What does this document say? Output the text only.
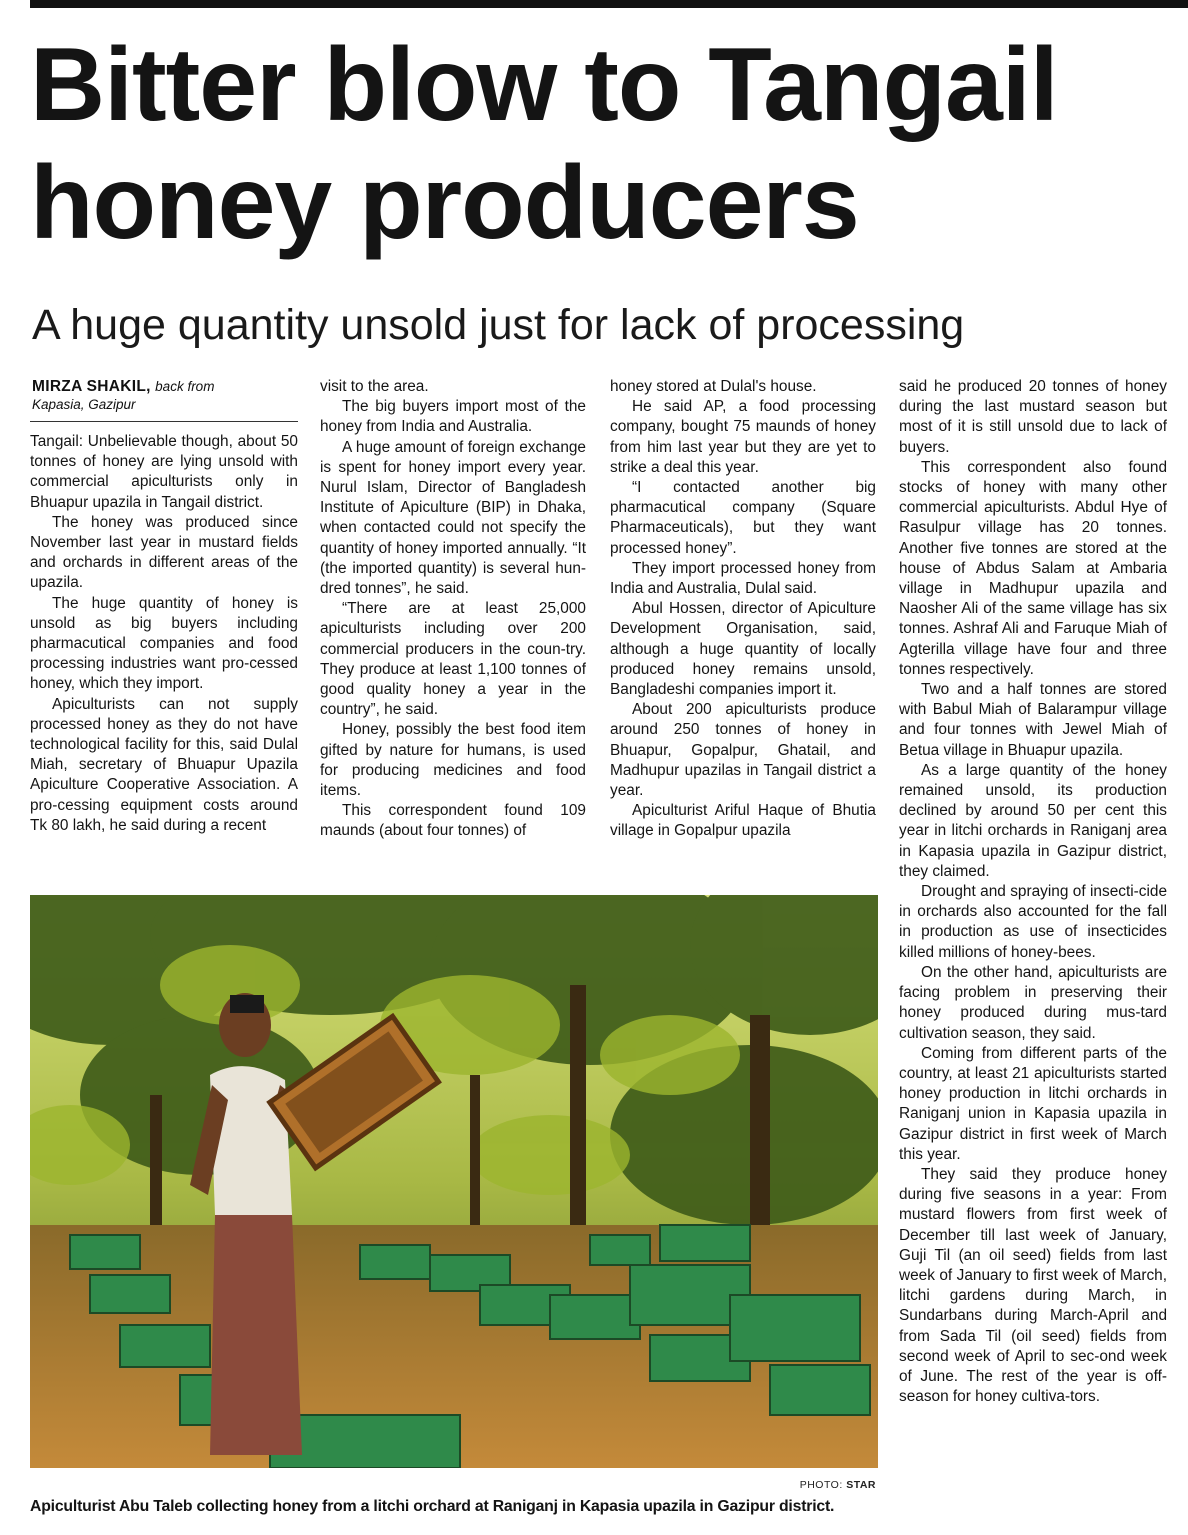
Bitter blow to Tangail honey producers
A huge quantity unsold just for lack of processing
MIRZA SHAKIL, back from
Kapasia, Gazipur

Tangail: Unbelievable though, about 50 tonnes of honey are lying unsold with commercial apiculturists only in Bhuapur upazila in Tangail district.

The honey was produced since November last year in mustard fields and orchards in different areas of the upazila.

The huge quantity of honey is unsold as big buyers including pharmacutical companies and food processing industries want pro-cessed honey, which they import.

Apiculturists can not supply processed honey as they do not have technological facility for this, said Dulal Miah, secretary of Bhuapur Upazila Apiculture Cooperative Association. A pro-cessing equipment costs around Tk 80 lakh, he said during a recent

visit to the area.

The big buyers import most of the honey from India and Australia.

A huge amount of foreign exchange is spent for honey import every year. Nurul Islam, Director of Bangladesh Institute of Apiculture (BIP) in Dhaka, when contacted could not specify the quantity of honey imported annually. “It (the imported quantity) is several hun-dred tonnes”, he said.

“There are at least 25,000 apiculturists including over 200 commercial producers in the coun-try. They produce at least 1,100 tonnes of good quality honey a year in the country”, he said.

Honey, possibly the best food item gifted by nature for humans, is used for producing medicines and food items.

This correspondent found 109 maunds (about four tonnes) of

honey stored at Dulal's house.

He said AP, a food processing company, bought 75 maunds of honey from him last year but they are yet to strike a deal this year.

“I contacted another big pharmacutical company (Square Pharmaceuticals), but they want processed honey”.

They import processed honey from India and Australia, Dulal said.

Abul Hossen, director of Apiculture Development Organisation, said, although a huge quantity of locally produced honey remains unsold, Bangladeshi companies import it.

About 200 apiculturists produce around 250 tonnes of honey in Bhuapur, Gopalpur, Ghatail, and Madhupur upazilas in Tangail district a year.

Apiculturist Ariful Haque of Bhutia village in Gopalpur upazila

said he produced 20 tonnes of honey during the last mustard season but most of it is still unsold due to lack of buyers.

This correspondent also found stocks of honey with many other commercial apiculturists. Abdul Hye of Rasulpur village has 20 tonnes. Another five tonnes are stored at the house of Abdus Salam at Ambaria village in Madhupur upazila and Naosher Ali of the same village has six tonnes. Ashraf Ali and Faruque Miah of Agterilla village have four and three tonnes respectively.

Two and a half tonnes are stored with Babul Miah of Balarampur village and four tonnes with Jewel Miah of Betua village in Bhuapur upazila.

As a large quantity of the honey remained unsold, its production declined by around 50 per cent this year in litchi orchards in Raniganj area in Kapasia upazila in Gazipur district, they claimed.

Drought and spraying of insecti-cide in orchards also accounted for the fall in production as use of insecticides killed millions of honey-bees.

On the other hand, apiculturists are facing problem in preserving their honey produced during mus-tard cultivation season, they said.

Coming from different parts of the country, at least 21 apiculturists started honey production in litchi orchards in Raniganj union in Kapasia upazila in Gazipur district in first week of March this year.

They said they produce honey during five seasons in a year: From mustard flowers from first week of December till last week of January, Guji Til (an oil seed) fields from last week of January to first week of March, litchi gardens during March, in Sundarbans during March-April and from Sada Til (oil seed) fields from second week of April to sec-ond week of June. The rest of the year is off-season for honey cultiva-tors.

PHOTO: STAR
Apiculturist Abu Taleb collecting honey from a litchi orchard at Raniganj in Kapasia upazila in Gazipur district.
